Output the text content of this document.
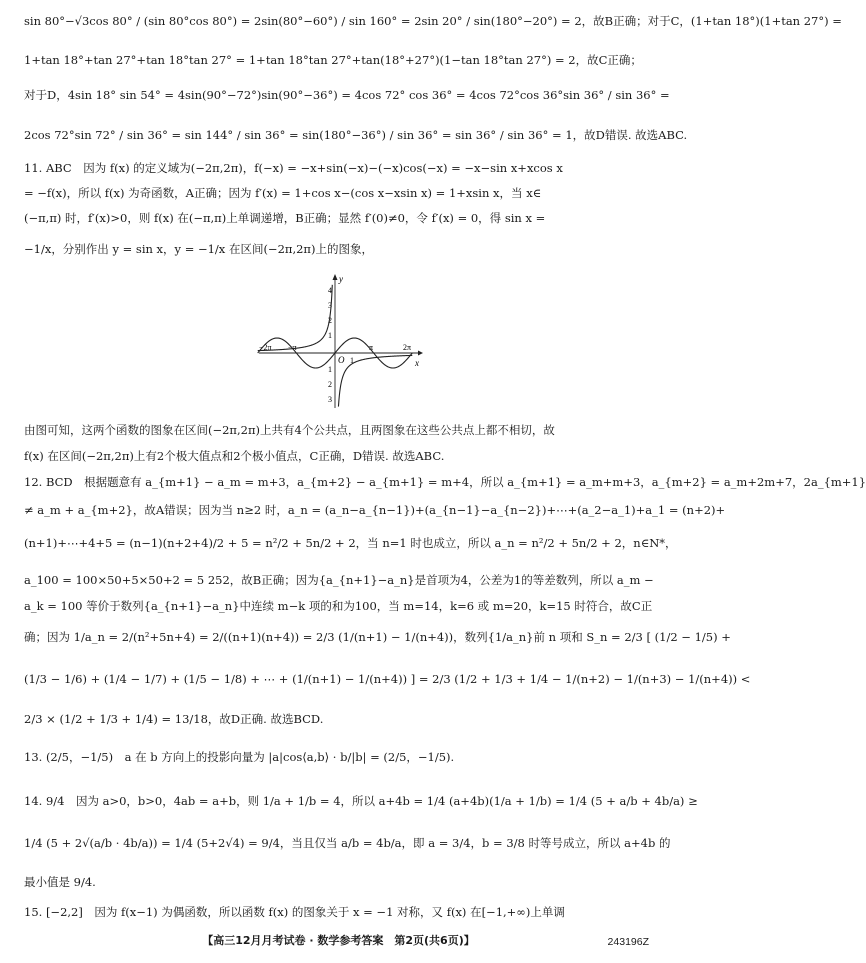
sin 80°−√3cos 80° / (sin 80°cos 80°) = 2sin(80°−60°) / sin 160° = 2sin 20° / sin(180°−20°) = 2，故B正确；对于C，(1+tan 18°)(1+tan 27°) =
1+tan 18°+tan 27°+tan 18°tan 27° = 1+tan 18°tan 27°+tan(18°+27°)(1−tan 18°tan 27°) = 2，故C正确；
对于D，4sin 18° sin 54° = 4sin(90°−72°)sin(90°−36°) = 4cos 72° cos 36° = 4cos 72°cos 36°sin 36° / sin 36° =
2cos 72°sin 72° / sin 36° = sin 144° / sin 36° = sin(180°−36°) / sin 36° = sin 36° / sin 36° = 1，故D错误. 故选ABC.
11. ABC　因为 f(x) 的定义域为(−2π,2π)，f(−x) = −x+sin(−x)−(−x)cos(−x) = −x−sin x+xcos x
= −f(x)，所以 f(x) 为奇函数，A正确；因为 f′(x) = 1+cos x−(cos x−xsin x) = 1+xsin x，当 x∈
(−π,π) 时，f′(x)>0，则 f(x) 在(−π,π)上单调递增，B正确；显然 f′(0)≠0，令 f′(x) = 0，得 sin x =
−1/x，分别作出 y = sin x，y = −1/x 在区间(−2π,2π)上的图象，
x
y
O
−2π −π	π	2π
1
4
3
2
1
1
2
3
由图可知，这两个函数的图象在区间(−2π,2π)上共有4个公共点，且两图象在这些公共点上都不相切，故
f(x) 在区间(−2π,2π)上有2个极大值点和2个极小值点，C正确，D错误. 故选ABC.
12. BCD　根据题意有 a_{m+1} − a_m = m+3，a_{m+2} − a_{m+1} = m+4，所以 a_{m+1} = a_m+m+3，a_{m+2} = a_m+2m+7，2a_{m+1}
≠ a_m + a_{m+2}，故A错误；因为当 n≥2 时，a_n = (a_n−a_{n−1})+(a_{n−1}−a_{n−2})+⋯+(a_2−a_1)+a_1 = (n+2)+
(n+1)+⋯+4+5 = (n−1)(n+2+4)/2 + 5 = n²/2 + 5n/2 + 2，当 n=1 时也成立，所以 a_n = n²/2 + 5n/2 + 2，n∈N*，
a_100 = 100×50+5×50+2 = 5 252，故B正确；因为{a_{n+1}−a_n}是首项为4，公差为1的等差数列，所以 a_m −
a_k = 100 等价于数列{a_{n+1}−a_n}中连续 m−k 项的和为100，当 m=14，k=6 或 m=20，k=15 时符合，故C正
确；因为 1/a_n = 2/(n²+5n+4) = 2/((n+1)(n+4)) = 2/3 (1/(n+1) − 1/(n+4))，数列{1/a_n}前 n 项和 S_n = 2/3 [ (1/2 − 1/5) +
(1/3 − 1/6) + (1/4 − 1/7) + (1/5 − 1/8) + ⋯ + (1/(n+1) − 1/(n+4)) ] = 2/3 (1/2 + 1/3 + 1/4 − 1/(n+2) − 1/(n+3) − 1/(n+4)) <
2/3 × (1/2 + 1/3 + 1/4) = 13/18，故D正确. 故选BCD.
13. (2/5，−1/5)　a 在 b 方向上的投影向量为 |a|cos⟨a,b⟩ · b/|b| = (2/5，−1/5).
14. 9/4　因为 a>0，b>0，4ab = a+b，则 1/a + 1/b = 4，所以 a+4b = 1/4 (a+4b)(1/a + 1/b) = 1/4 (5 + a/b + 4b/a) ≥
1/4 (5 + 2√(a/b · 4b/a)) = 1/4 (5+2√4) = 9/4，当且仅当 a/b = 4b/a，即 a = 3/4，b = 3/8 时等号成立，所以 a+4b 的
最小值是 9/4.
15. [−2,2]　因为 f(x−1) 为偶函数，所以函数 f(x) 的图象关于 x = −1 对称，又 f(x) 在[−1,+∞)上单调
【高三12月月考试卷 · 数学参考答案　第2页(共6页)】	243196Z
